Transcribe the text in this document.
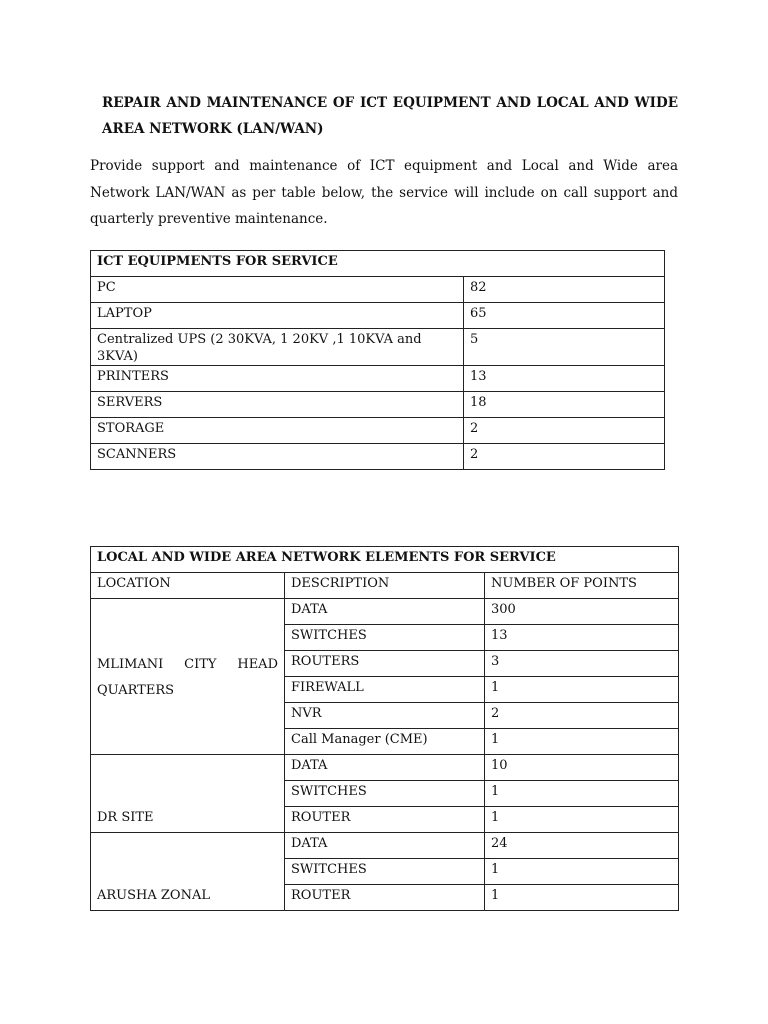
REPAIR AND MAINTENANCE OF ICT EQUIPMENT AND LOCAL AND WIDE AREA NETWORK (LAN/WAN)

Provide support and maintenance of ICT equipment and Local and Wide area Network LAN/WAN as per table below, the service will include on call support and quarterly preventive maintenance.

ICT EQUIPMENTS FOR SERVICE	
PC	82
LAPTOP	65
Centralized UPS (2 30KVA, 1 20KV ,1 10KVA and 3KVA)	5
PRINTERS	13
SERVERS	18
STORAGE	2
SCANNERS	2
LOCAL AND WIDE AREA NETWORK ELEMENTS FOR SERVICE		
LOCATION	DESCRIPTION	NUMBER OF POINTS

MLIMANI CITY HEAD QUARTERS	DATA	300
	SWITCHES	13
	ROUTERS	3
	FIREWALL	1
	NVR	2
	Call Manager (CME)	1

DR SITE	DATA	10
	SWITCHES	1
	ROUTER	1

ARUSHA ZONAL	DATA	24
	SWITCHES	1
	ROUTER	1
